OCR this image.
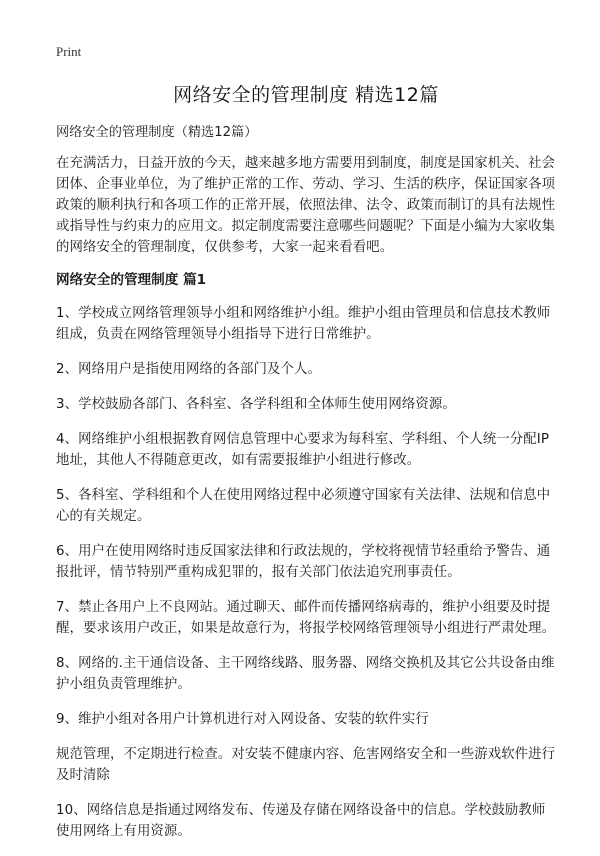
Print
网络安全的管理制度 精选12篇

网络安全的管理制度（精选12篇）

在充满活力，日益开放的今天，越来越多地方需要用到制度，制度是国家机关、社会团体、企事业单位，为了维护正常的工作、劳动、学习、生活的秩序，保证国家各项政策的顺利执行和各项工作的正常开展，依照法律、法令、政策而制订的具有法规性或指导性与约束力的应用文。拟定制度需要注意哪些问题呢？下面是小编为大家收集的网络安全的管理制度，仅供参考，大家一起来看看吧。

网络安全的管理制度 篇1

1、学校成立网络管理领导小组和网络维护小组。维护小组由管理员和信息技术教师组成，负责在网络管理领导小组指导下进行日常维护。

2、网络用户是指使用网络的各部门及个人。

3、学校鼓励各部门、各科室、各学科组和全体师生使用网络资源。

4、网络维护小组根据教育网信息管理中心要求为每科室、学科组、个人统一分配IP地址，其他人不得随意更改，如有需要报维护小组进行修改。

5、各科室、学科组和个人在使用网络过程中必须遵守国家有关法律、法规和信息中心的有关规定。

6、用户在使用网络时违反国家法律和行政法规的，学校将视情节轻重给予警告、通报批评，情节特别严重构成犯罪的，报有关部门依法追究刑事责任。

7、禁止各用户上不良网站。通过聊天、邮件而传播网络病毒的，维护小组要及时提醒，要求该用户改正，如果是故意行为，将报学校网络管理领导小组进行严肃处理。

8、网络的.主干通信设备、主干网络线路、服务器、网络交换机及其它公共设备由维护小组负责管理维护。

9、维护小组对各用户计算机进行对入网设备、安装的软件实行

规范管理，不定期进行检查。对安装不健康内容、危害网络安全和一些游戏软件进行及时清除

10、网络信息是指通过网络发布、传递及存储在网络设备中的信息。学校鼓励教师使用网络上有用资源。
